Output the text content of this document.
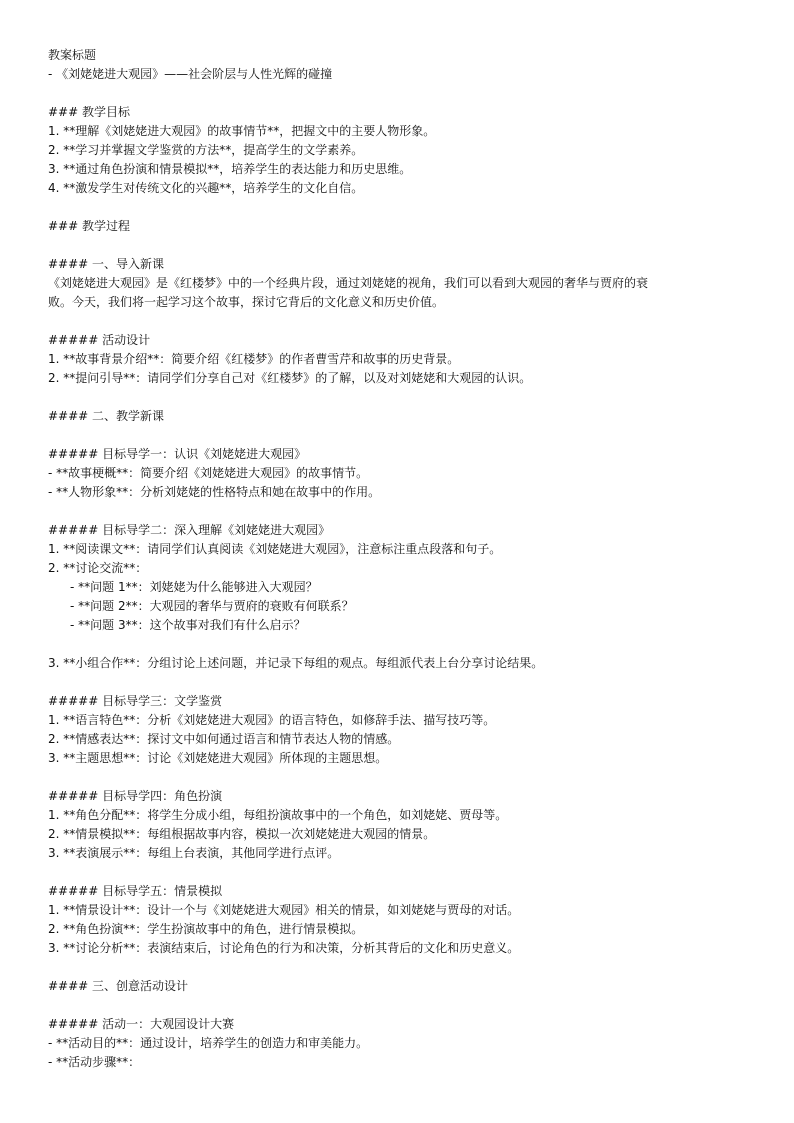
教案标题
- 《刘姥姥进大观园》——社会阶层与人性光辉的碰撞
### 教学目标
1. **理解《刘姥姥进大观园》的故事情节**，把握文中的主要人物形象。
2. **学习并掌握文学鉴赏的方法**，提高学生的文学素养。
3. **通过角色扮演和情景模拟**，培养学生的表达能力和历史思维。
4. **激发学生对传统文化的兴趣**，培养学生的文化自信。
### 教学过程
#### 一、导入新课
《刘姥姥进大观园》是《红楼梦》中的一个经典片段，通过刘姥姥的视角，我们可以看到大观园的奢华与贾府的衰
败。今天，我们将一起学习这个故事，探讨它背后的文化意义和历史价值。
##### 活动设计
1. **故事背景介绍**：简要介绍《红楼梦》的作者曹雪芹和故事的历史背景。
2. **提问引导**：请同学们分享自己对《红楼梦》的了解，以及对刘姥姥和大观园的认识。
#### 二、教学新课
##### 目标导学一：认识《刘姥姥进大观园》
- **故事梗概**：简要介绍《刘姥姥进大观园》的故事情节。
- **人物形象**：分析刘姥姥的性格特点和她在故事中的作用。
##### 目标导学二：深入理解《刘姥姥进大观园》
1. **阅读课文**：请同学们认真阅读《刘姥姥进大观园》，注意标注重点段落和句子。
2. **讨论交流**：
- **问题 1**：刘姥姥为什么能够进入大观园？
- **问题 2**：大观园的奢华与贾府的衰败有何联系？
- **问题 3**：这个故事对我们有什么启示？
3. **小组合作**：分组讨论上述问题，并记录下每组的观点。每组派代表上台分享讨论结果。
##### 目标导学三：文学鉴赏
1. **语言特色**：分析《刘姥姥进大观园》的语言特色，如修辞手法、描写技巧等。
2. **情感表达**：探讨文中如何通过语言和情节表达人物的情感。
3. **主题思想**：讨论《刘姥姥进大观园》所体现的主题思想。
##### 目标导学四：角色扮演
1. **角色分配**：将学生分成小组，每组扮演故事中的一个角色，如刘姥姥、贾母等。
2. **情景模拟**：每组根据故事内容，模拟一次刘姥姥进大观园的情景。
3. **表演展示**：每组上台表演，其他同学进行点评。
##### 目标导学五：情景模拟
1. **情景设计**：设计一个与《刘姥姥进大观园》相关的情景，如刘姥姥与贾母的对话。
2. **角色扮演**：学生扮演故事中的角色，进行情景模拟。
3. **讨论分析**：表演结束后，讨论角色的行为和决策，分析其背后的文化和历史意义。
#### 三、创意活动设计
##### 活动一：大观园设计大赛
- **活动目的**：通过设计，培养学生的创造力和审美能力。
- **活动步骤**：
